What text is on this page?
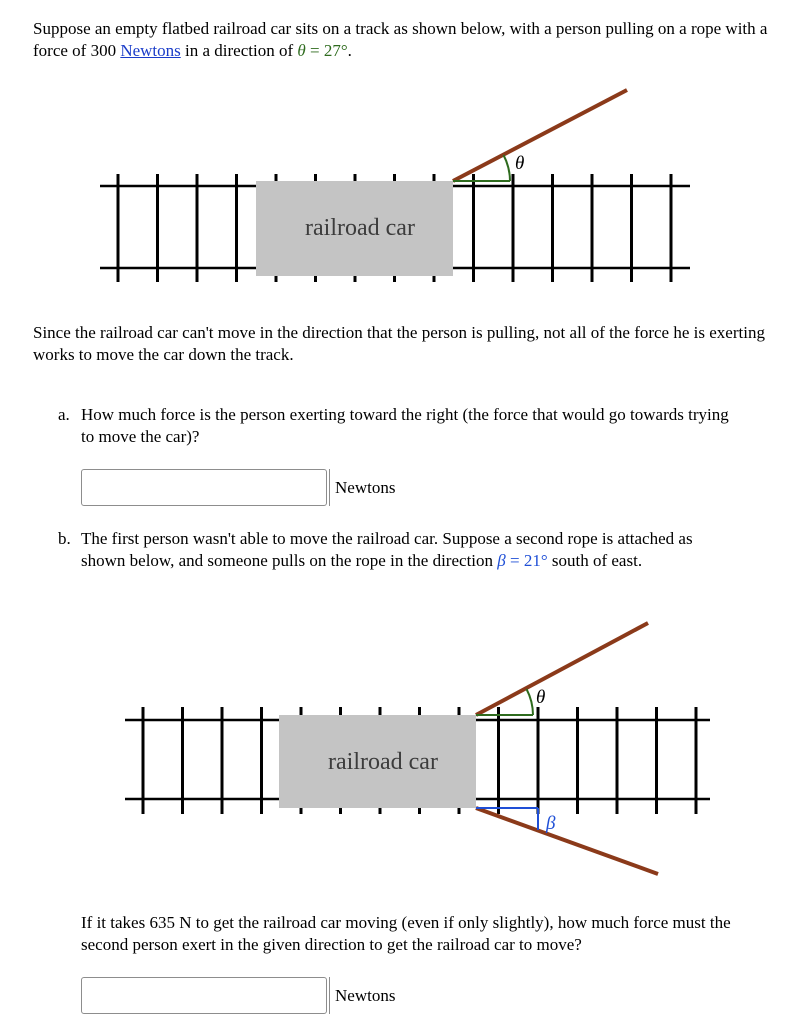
Suppose an empty flatbed railroad car sits on a track as shown below, with a person pulling on a rope with a force of 300 Newtons in a direction of θ = 27°.
railroad car
θ
Since the railroad car can't move in the direction that the person is pulling, not all of the force he is exerting works to move the car down the track.
a. How much force is the person exerting toward the right (the force that would go towards trying to move the car)?
Newtons
b. The first person wasn't able to move the railroad car. Suppose a second rope is attached as shown below, and someone pulls on the rope in the direction β = 21° south of east.
railroad car
θ
β
If it takes 635 N to get the railroad car moving (even if only slightly), how much force must the second person exert in the given direction to get the railroad car to move?
Newtons
